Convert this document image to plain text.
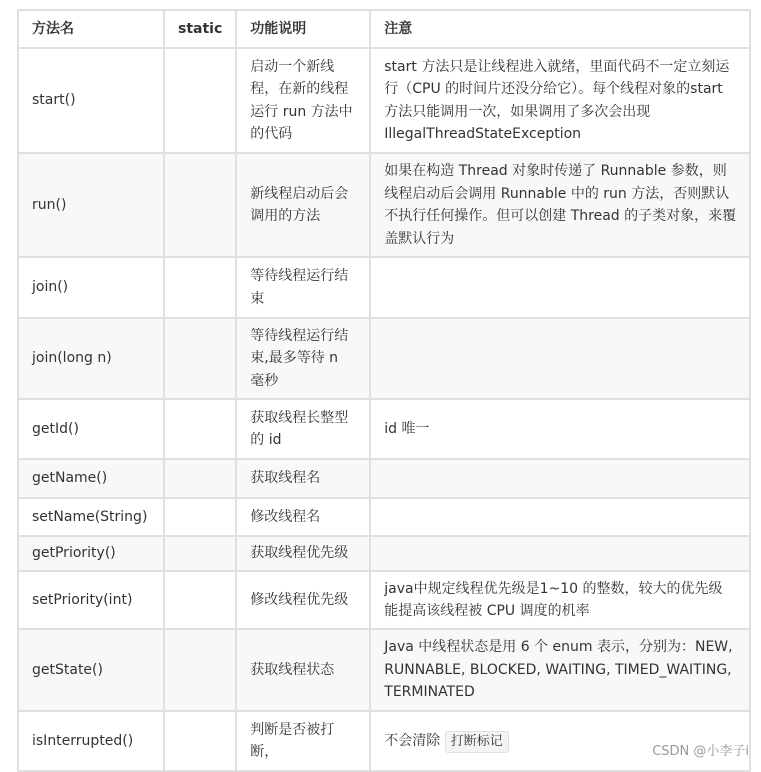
方法名	static	功能说明	注意
start()		启动一个新线程，在新的线程运行 run 方法中的代码	start 方法只是让线程进入就绪，里面代码不一定立刻运行（CPU 的时间片还没分给它）。每个线程对象的start方法只能调用一次，如果调用了多次会出现 IllegalThreadStateException
run()		新线程启动后会调用的方法	如果在构造 Thread 对象时传递了 Runnable 参数，则线程启动后会调用 Runnable 中的 run 方法，否则默认不执行任何操作。但可以创建 Thread 的子类对象，来覆盖默认行为
join()		等待线程运行结束	
join(long n)		等待线程运行结束,最多等待 n 毫秒	
getId()		获取线程长整型的 id	id 唯一
getName()		获取线程名	
setName(String)		修改线程名	
getPriority()		获取线程优先级	
setPriority(int)		修改线程优先级	java中规定线程优先级是1~10 的整数，较大的优先级能提高该线程被 CPU 调度的机率
getState()		获取线程状态	Java 中线程状态是用 6 个 enum 表示，分别为：NEW, RUNNABLE, BLOCKED, WAITING, TIMED_WAITING, TERMINATED
isInterrupted()		判断是否被打断，	不会清除 打断标记
CSDN @小李子i
